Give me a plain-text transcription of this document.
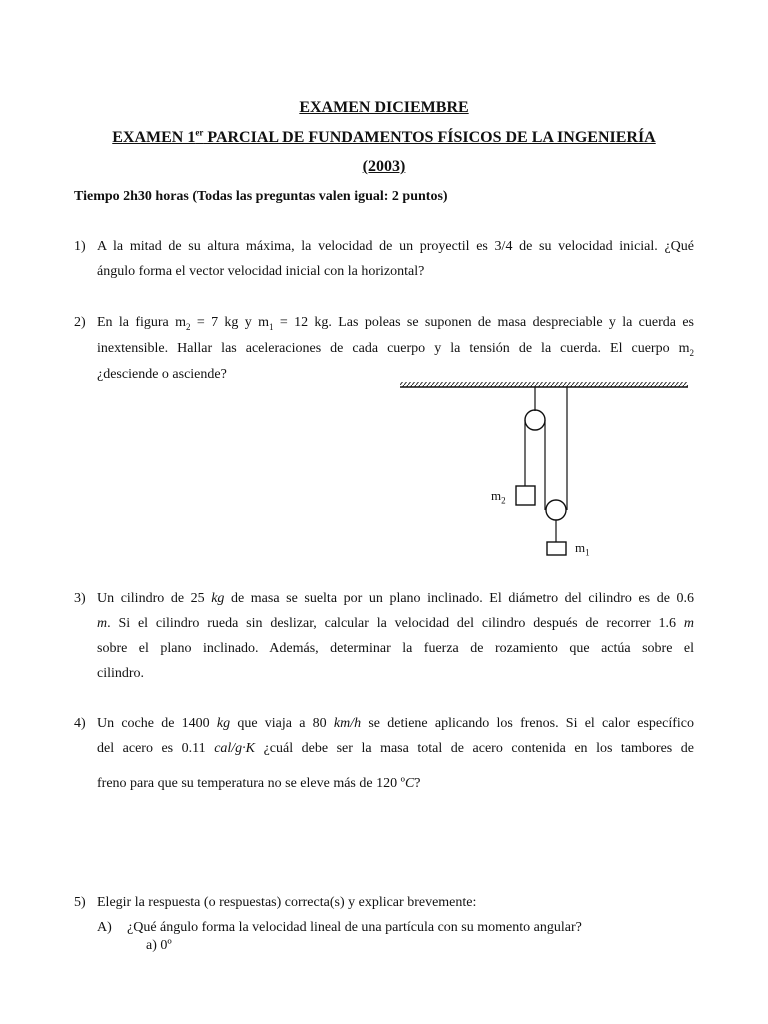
EXAMEN DICIEMBRE
EXAMEN 1er PARCIAL DE FUNDAMENTOS FÍSICOS DE LA INGENIERÍA
(2003)
Tiempo 2h30 horas (Todas las preguntas valen igual: 2 puntos)
1) A la mitad de su altura máxima, la velocidad de un proyectil es 3/4 de su velocidad inicial. ¿Qué
ángulo forma el vector velocidad inicial con la horizontal?
2) En la figura $m_2 = 7$ kg y $m_1 = 12$ kg. Las poleas se suponen de masa despreciable y la cuerda es
inextensible. Hallar las aceleraciones de cada cuerpo y la tensión de la cuerda. El cuerpo $m_2$
¿desciende o asciende?
$m_2$
$m_1$
3) Un cilindro de 25 kg de masa se suelta por un plano inclinado. El diámetro del cilindro es de 0.6
m. Si el cilindro rueda sin deslizar, calcular la velocidad del cilindro después de recorrer 1.6 m
sobre el plano inclinado. Además, determinar la fuerza de rozamiento que actúa sobre el
cilindro.
4) Un coche de 1400 kg que viaja a 80 km/h se detiene aplicando los frenos. Si el calor específico
del acero es 0.11 cal/g·K ¿cuál debe ser la masa total de acero contenida en los tambores de
freno para que su temperatura no se eleve más de 120 ºC?
5) Elegir la respuesta (o respuestas) correcta(s) y explicar brevemente:
A) ¿Qué ángulo forma la velocidad lineal de una partícula con su momento angular?
a) 0º
